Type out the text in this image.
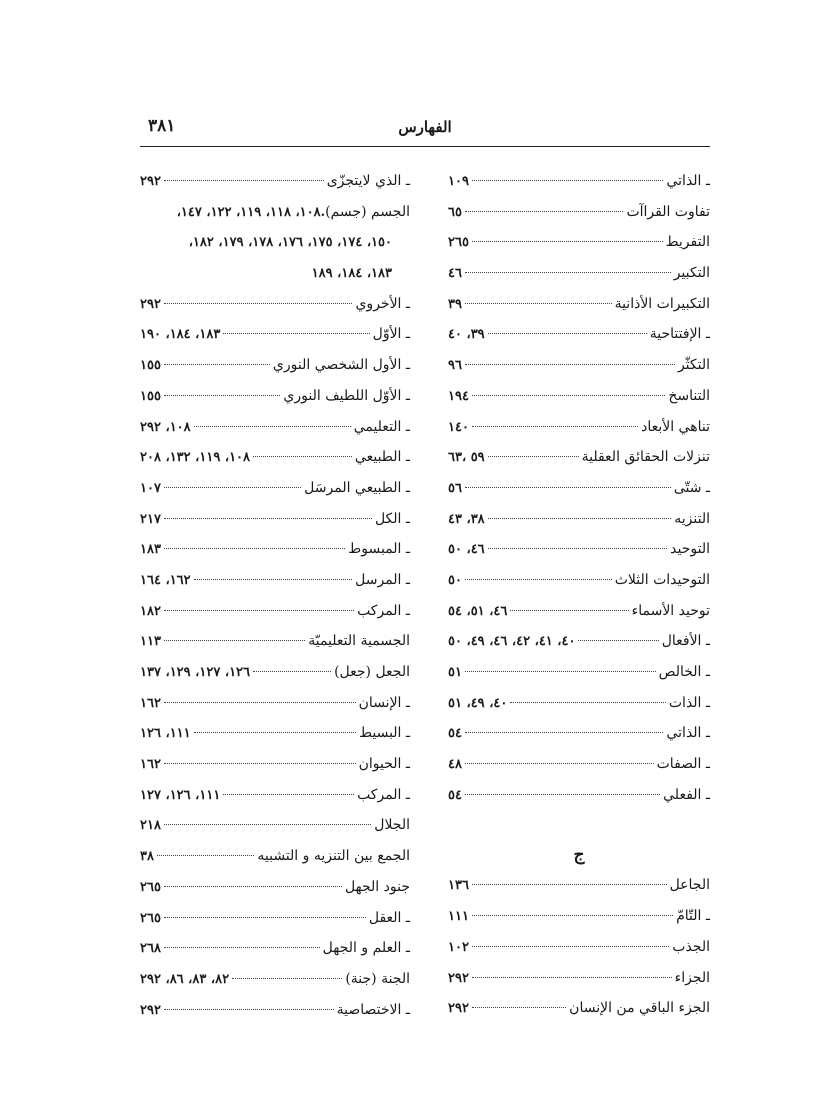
٣٨١	الفهارس
ـ الذاتي
١٠٩
تفاوت القراآت
٦٥
التفريط
٢٦٥
التكبير
٤٦
التكبيرات الأذانية
٣٩
ـ الإفتتاحية
٣٩، ٤٠
التكثّر
٩٦
التناسخ
١٩٤
تناهي الأبعاد
١٤٠
تنزلات الحقائق العقلية
٥٩ ،٦٣
ـ شتّى
٥٦
التنزيه
٣٨، ٤٣
التوحيد
٤٦، ٥٠
التوحيدات الثلاث
٥٠
توحيد الأسماء
٤٦، ٥١، ٥٤
ـ الأفعال
٤٠، ٤١، ٤٢، ٤٦، ٤٩، ٥٠
ـ الخالص
٥١
ـ الذات
٤٠، ٤٩، ٥١
ـ الذاتي
٥٤
ـ الصفات
٤٨
ـ الفعلي
٥٤
ج
الجاعل
١٣٦
ـ التّامّ
١١١
الجذب
١٠٢
الجزاء
٢٩٢
الجزء الباقي من الإنسان
٢٩٢
ـ الذي لايتجزّى
٢٩٢
الجسم (جسم)
.١٠٨، ١١٨، ١١٩، ١٢٢، ١٤٧،
١٥٠، ١٧٤، ١٧٥، ١٧٦، ١٧٨، ١٧٩، ١٨٢،
١٨٣، ١٨٤، ١٨٩
ـ الأخروي
٢٩٢
ـ الأوّل
١٨٣، ١٨٤، ١٩٠
ـ الأول الشخصي النوري
١٥٥
ـ الأوّل اللطيف النوري
١٥٥
ـ التعليمي
١٠٨، ٢٩٢
ـ الطبيعي
١٠٨، ١١٩، ١٣٢، ٢٠٨
ـ الطبيعي المرسَل
١٠٧
ـ الكل
٢١٧
ـ المبسوط
١٨٣
ـ المرسل
١٦٢، ١٦٤
ـ المركب
١٨٢
الجسمية التعليميّة
١١٣
الجعل (جعل)
١٢٦، ١٢٧، ١٢٩، ١٣٧
ـ الإنسان
١٦٢
ـ البسيط
١١١، ١٢٦
ـ الحيوان
١٦٢
ـ المركب
١١١، ١٢٦، ١٢٧
الجلال
٢١٨
الجمع بين التنزيه و التشبيه
٣٨
جنود الجهل
٢٦٥
ـ العقل
٢٦٥
ـ العلم و الجهل
٢٦٨
الجنة (جنة)
٨٢، ٨٣، ٨٦، ٢٩٢
ـ الاختصاصية
٢٩٢
